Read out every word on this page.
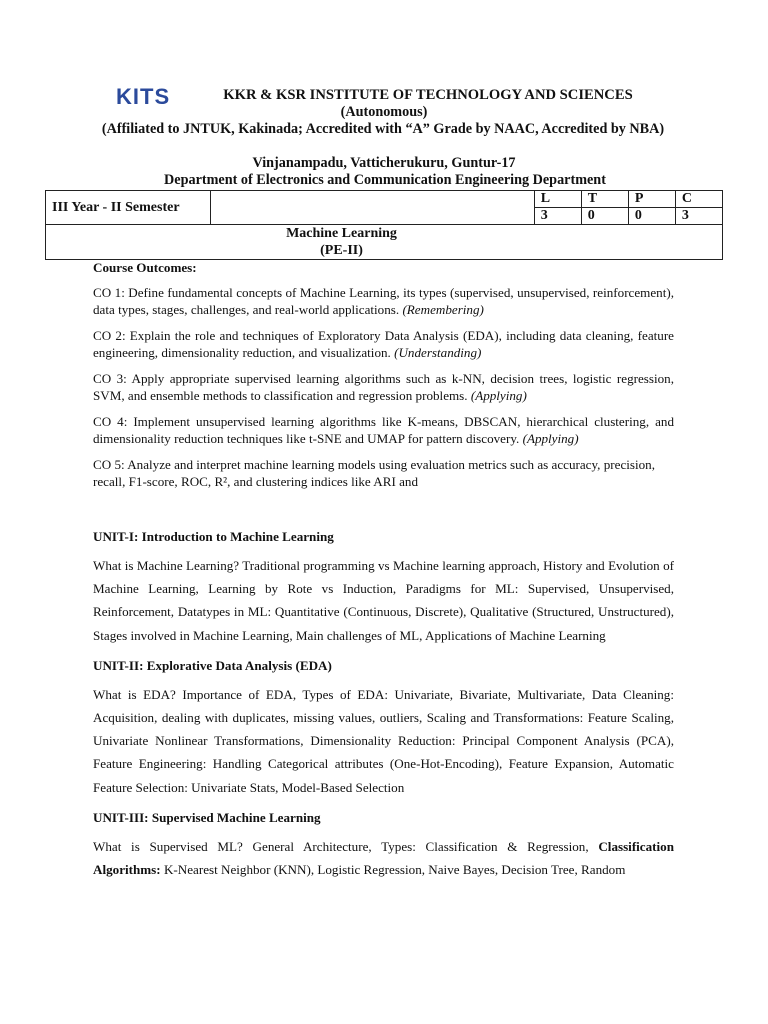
KITS	KKR & KSR INSTITUTE OF TECHNOLOGY AND SCIENCES
(Autonomous)
(Affiliated to JNTUK, Kakinada; Accredited with “A” Grade by NAAC, Accredited by NBA)
Vinjanampadu, Vatticherukuru, Guntur-17
Department of Electronics and Communication Engineering Department
III Year - II Semester		L	T	P	C
		3	0	0	3

Machine Learning
(PE-II)					

Course Outcomes:

CO 1: Define fundamental concepts of Machine Learning, its types (supervised, unsupervised, reinforcement), data types, stages, challenges, and real-world applications. (Remembering)

CO 2: Explain the role and techniques of Exploratory Data Analysis (EDA), including data cleaning, feature engineering, dimensionality reduction, and visualization. (Understanding)

CO 3: Apply appropriate supervised learning algorithms such as k-NN, decision trees, logistic regression, SVM, and ensemble methods to classification and regression problems. (Applying)

CO 4: Implement unsupervised learning algorithms like K-means, DBSCAN, hierarchical clustering, and dimensionality reduction techniques like t-SNE and UMAP for pattern discovery. (Applying)

CO 5: Analyze and interpret machine learning models using evaluation metrics such as accuracy, precision, recall, F1-score, ROC, R², and clustering indices like ARI and

UNIT-I: Introduction to Machine Learning

What is Machine Learning? Traditional programming vs Machine learning approach, History and Evolution of Machine Learning, Learning by Rote vs Induction, Paradigms for ML: Supervised, Unsupervised, Reinforcement, Datatypes in ML: Quantitative (Continuous, Discrete), Qualitative (Structured, Unstructured), Stages involved in Machine Learning, Main challenges of ML, Applications of Machine Learning

UNIT-II: Explorative Data Analysis (EDA)

What is EDA? Importance of EDA, Types of EDA: Univariate, Bivariate, Multivariate, Data Cleaning: Acquisition, dealing with duplicates, missing values, outliers, Scaling and Transformations: Feature Scaling, Univariate Nonlinear Transformations, Dimensionality Reduction: Principal Component Analysis (PCA), Feature Engineering: Handling Categorical attributes (One-Hot-Encoding), Feature Expansion, Automatic Feature Selection: Univariate Stats, Model-Based Selection

UNIT-III: Supervised Machine Learning

What is Supervised ML? General Architecture, Types: Classification & Regression, Classification Algorithms: K-Nearest Neighbor (KNN), Logistic Regression, Naive Bayes, Decision Tree, Random
